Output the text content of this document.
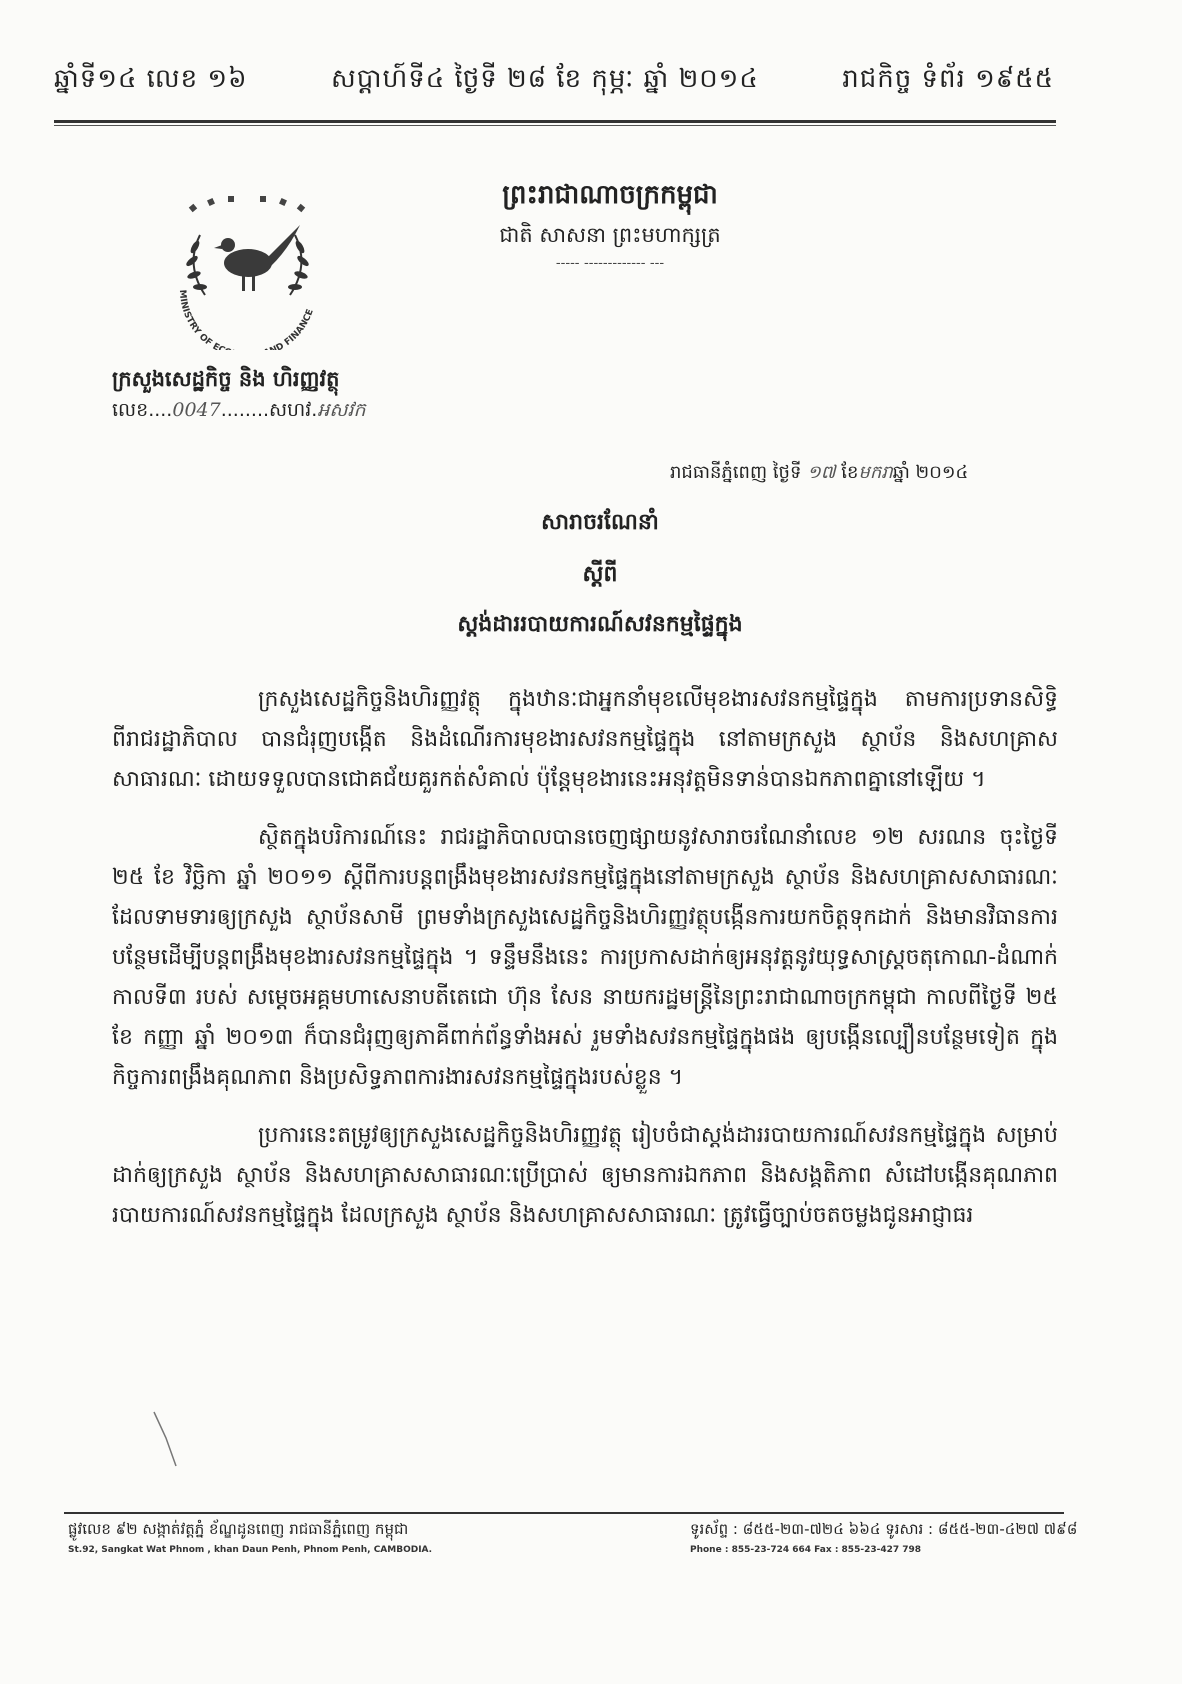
ឆ្នាំទី១៤ លេខ ១៦	សប្តាហ៍ទី៤ ថ្ងៃទី ២៨ ខែ កុម្ភៈ ឆ្នាំ ២០១៤	រាជកិច្ច ទំព័រ ១៩៥៥
ព្រះរាជាណាចក្រកម្ពុជា
ជាតិ សាសនា ព្រះមហាក្សត្រ
----- ------------- ---
MINISTRY OF E D FINANCE
ក្រសួងសេដ្ឋកិច្ច និង ហិរញ្ញវត្ថុ
លេខ....0047........សហវ.អសវក
រាជធានីភ្នំពេញ ថ្ងៃទី ១៧ ខែមករាឆ្នាំ ២០១៤
សារាចរណែនាំ
ស្តីពី
ស្តង់ដាររបាយការណ៍សវនកម្មផ្ទៃក្នុង

ក្រសួងសេដ្ឋកិច្ចនិងហិរញ្ញវត្ថុ ក្នុងឋានៈជាអ្នកនាំមុខលើមុខងារសវនកម្មផ្ទៃក្នុង តាមការប្រទានសិទ្ធិពីរាជរដ្ឋាភិបាល បានជំរុញបង្កើត និងដំណើរការមុខងារសវនកម្មផ្ទៃក្នុង នៅតាមក្រសួង ស្ថាប័ន និងសហគ្រាសសាធារណៈ ដោយទទួលបានជោគជ័យគួរកត់សំគាល់ ប៉ុន្តែមុខងារនេះអនុវត្តមិនទាន់បានឯកភាពគ្នានៅឡើយ ។

ស្ថិតក្នុងបរិការណ៍នេះ រាជរដ្ឋាភិបាលបានចេញផ្សាយនូវសារាចរណែនាំលេខ ១២ សរណន ចុះថ្ងៃទី ២៥ ខែ វិច្ឆិកា ឆ្នាំ ២០១១ ស្តីពីការបន្តពង្រឹងមុខងារសវនកម្មផ្ទៃក្នុងនៅតាមក្រសួង ស្ថាប័ន និងសហគ្រាសសាធារណៈ ដែលទាមទារឲ្យក្រសួង ស្ថាប័នសាមី ព្រមទាំងក្រសួងសេដ្ឋកិច្ចនិងហិរញ្ញវត្ថុបង្កើនការយកចិត្តទុកដាក់ និងមានវិធានការបន្ថែមដើម្បីបន្តពង្រឹងមុខងារសវនកម្មផ្ទៃក្នុង ។ ទន្ទឹមនឹងនេះ ការប្រកាសដាក់ឲ្យអនុវត្តនូវយុទ្ធសាស្រ្តចតុកោណ-ដំណាក់កាលទី៣ របស់ សម្តេចអគ្គមហាសេនាបតីតេជោ ហ៊ុន សែន នាយករដ្ឋមន្ត្រីនៃព្រះរាជាណាចក្រកម្ពុជា កាលពីថ្ងៃទី ២៥ ខែ កញ្ញា ឆ្នាំ ២០១៣ ក៏បានជំរុញឲ្យភាគីពាក់ព័ន្ធទាំងអស់ រួមទាំងសវនកម្មផ្ទៃក្នុងផង ឲ្យបង្កើនល្បឿនបន្ថែមទៀត ក្នុងកិច្ចការពង្រឹងគុណភាព និងប្រសិទ្ធភាពការងារសវនកម្មផ្ទៃក្នុងរបស់ខ្លួន ។

ប្រការនេះតម្រូវឲ្យក្រសួងសេដ្ឋកិច្ចនិងហិរញ្ញវត្ថុ រៀបចំជាស្តង់ដាររបាយការណ៍សវនកម្មផ្ទៃក្នុង សម្រាប់ដាក់ឲ្យក្រសួង ស្ថាប័ន និងសហគ្រាសសាធារណៈប្រើប្រាស់ ឲ្យមានការឯកភាព និងសង្គតិភាព សំដៅបង្កើនគុណភាពរបាយការណ៍សវនកម្មផ្ទៃក្នុង ដែលក្រសួង ស្ថាប័ន និងសហគ្រាសសាធារណៈ ត្រូវធ្វើច្បាប់ចតចម្លងជូនអាជ្ញាធរ

ផ្លូវលេខ ៩២ សង្កាត់វត្តភ្នំ ខ័ណ្ឌដូនពេញ រាជធានីភ្នំពេញ កម្ពុជា
St.92, Sangkat Wat Phnom , khan Daun Penh, Phnom Penh, CAMBODIA.
ទូរស័ព្ទ : ៨៥៥-២៣-៧២៤ ៦៦៤ ទូរសារ : ៨៥៥-២៣-៤២៧ ៧៩៨
Phone : 855-23-724 664 Fax : 855-23-427 798
